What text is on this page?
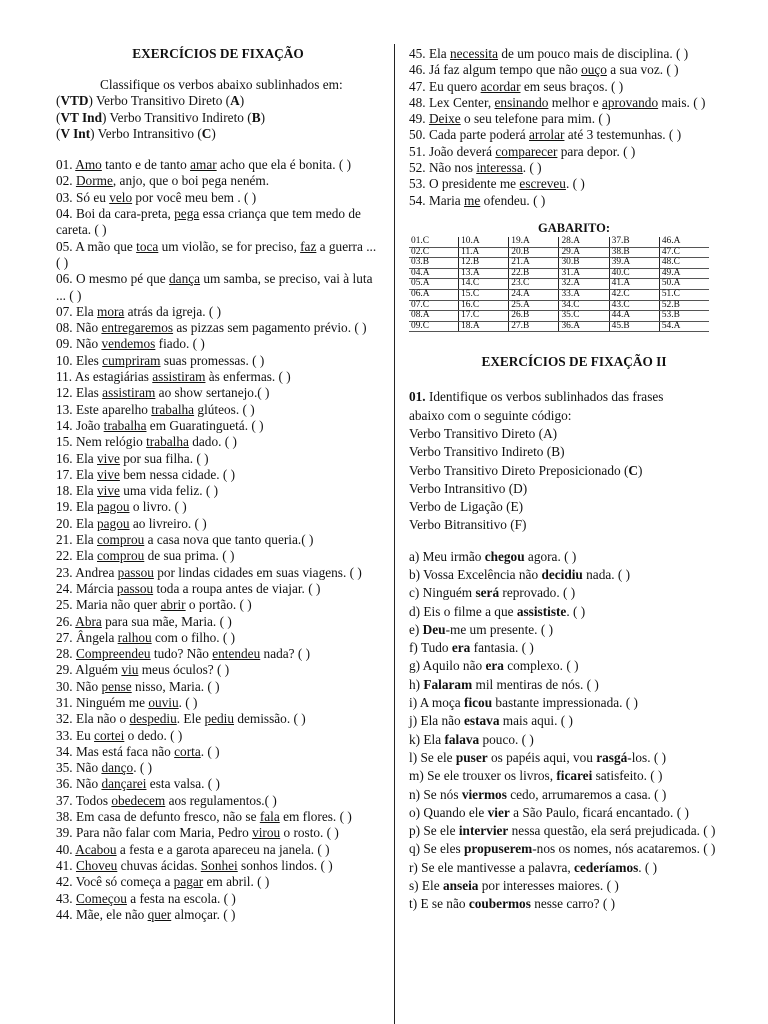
EXERCÍCIOS DE FIXAÇÃO

Classifique os verbos abaixo sublinhados em:

(VTD) Verbo Transitivo Direto (A)

(VT Ind) Verbo Transitivo Indireto (B)

(V Int) Verbo Intransitivo (C)

01. Amo tanto e de tanto amar acho que ela é bonita. ( )

02. Dorme, anjo, que o boi pega neném.

03. Só eu velo por você meu bem . ( )

04. Boi da cara-preta, pega essa criança que tem medo de careta. ( )

05. A mão que toca um violão, se for preciso, faz a guerra ... ( )

06. O mesmo pé que dança um samba, se preciso, vai à luta ... ( )

07. Ela mora atrás da igreja. ( )

08. Não entregaremos as pizzas sem pagamento prévio. ( )

09. Não vendemos fiado. ( )

10. Eles cumpriram suas promessas. ( )

11. As estagiárias assistiram às enfermas. ( )

12. Elas assistiram ao show sertanejo.( )

13. Este aparelho trabalha glúteos. ( )

14. João trabalha em Guaratinguetá. ( )

15. Nem relógio trabalha dado. ( )

16. Ela vive por sua filha. ( )

17. Ela vive bem nessa cidade. ( )

18. Ela vive uma vida feliz. ( )

19. Ela pagou o livro. ( )

20. Ela pagou ao livreiro. ( )

21. Ela comprou a casa nova que tanto queria.( )

22. Ela comprou de sua prima. ( )

23. Andrea passou por lindas cidades em suas viagens. ( )

24. Márcia passou toda a roupa antes de viajar. ( )

25. Maria não quer abrir o portão. ( )

26. Abra para sua mãe, Maria. ( )

27. Ângela ralhou com o filho. ( )

28. Compreendeu tudo? Não entendeu nada? ( )

29. Alguém viu meus óculos? ( )

30. Não pense nisso, Maria. ( )

31. Ninguém me ouviu. ( )

32. Ela não o despediu. Ele pediu demissão. ( )

33. Eu cortei o dedo. ( )

34. Mas está faca não corta. ( )

35. Não danço. ( )

36. Não dançarei esta valsa. ( )

37. Todos obedecem aos regulamentos.( )

38. Em casa de defunto fresco, não se fala em flores. ( )

39. Para não falar com Maria, Pedro virou o rosto. ( )

40. Acabou a festa e a garota apareceu na janela. ( )

41. Choveu chuvas ácidas. Sonhei sonhos lindos. ( )

42. Você só começa a pagar em abril. ( )

43. Começou a festa na escola. ( )

44. Mãe, ele não quer almoçar. ( )

45. Ela necessita de um pouco mais de disciplina. ( )

46. Já faz algum tempo que não ouço a sua voz. ( )

47. Eu quero acordar em seus braços. ( )

48. Lex Center, ensinando melhor e aprovando mais. ( )

49. Deixe o seu telefone para mim. ( )

50. Cada parte poderá arrolar até 3 testemunhas. ( )

51. João deverá comparecer para depor. ( )

52. Não nos interessa. ( )

53. O presidente me escreveu. ( )

54. Maria me ofendeu. ( )

GABARITO:

01.C	10.A	19.A	28.A	37.B	46.A
02.C	11.A	20.B	29.A	38.B	47.C
03.B	12.B	21.A	30.B	39.A	48.C
04.A	13.A	22.B	31.A	40.C	49.A
05.A	14.C	23.C	32.A	41.A	50.A
06.A	15.C	24.A	33.A	42.C	51.C
07.C	16.C	25.A	34.C	43.C	52.B
08.A	17.C	26.B	35.C	44.A	53.B
09.C	18.A	27.B	36.A	45.B	54.A

EXERCÍCIOS DE FIXAÇÃO II

01. Identifique os verbos sublinhados das frases

abaixo com o seguinte código:

Verbo Transitivo Direto (A)

Verbo Transitivo Indireto (B)

Verbo Transitivo Direto Preposicionado (C)

Verbo Intransitivo (D)

Verbo de Ligação (E)

Verbo Bitransitivo (F)

a) Meu irmão chegou agora. ( )

b) Vossa Excelência não decidiu nada. ( )

c) Ninguém será reprovado. ( )

d) Eis o filme a que assististe. ( )

e) Deu-me um presente. ( )

f) Tudo era fantasia. ( )

g) Aquilo não era complexo. ( )

h) Falaram mil mentiras de nós. ( )

i) A moça ficou bastante impressionada. ( )

j) Ela não estava mais aqui. ( )

k) Ela falava pouco. ( )

l) Se ele puser os papéis aqui, vou rasgá-los. ( )

m) Se ele trouxer os livros, ficarei satisfeito. ( )

n) Se nós viermos cedo, arrumaremos a casa. ( )

o) Quando ele vier a São Paulo, ficará encantado. ( )

p) Se ele intervier nessa questão, ela será prejudicada. ( )

q) Se eles propuserem-nos os nomes, nós acataremos. ( )

r) Se ele mantivesse a palavra, cederíamos. ( )

s) Ele anseia por interesses maiores. ( )

t) E se não coubermos nesse carro? ( )
